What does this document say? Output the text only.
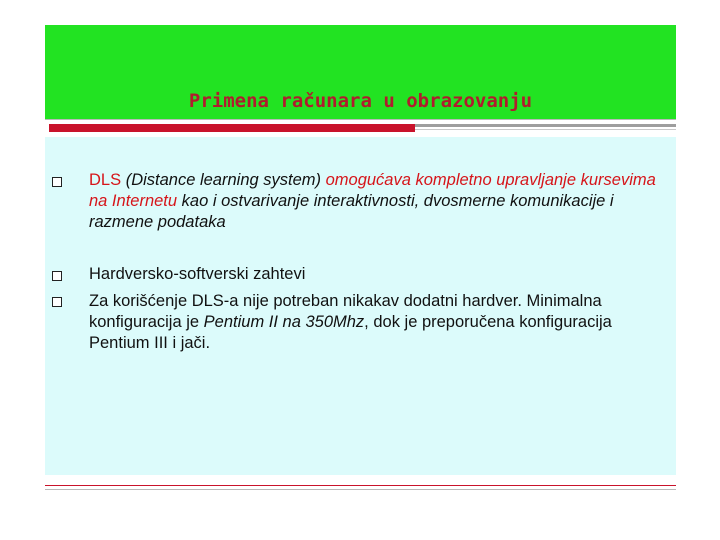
Primena računara u obrazovanju
DLS (Distance learning system) omogućava kompletno upravljanje kursevima na Internetu kao i ostvarivanje interaktivnosti, dvosmerne komunikacije i razmene podataka
Hardversko-softverski zahtevi
Za korišćenje DLS-a nije potreban nikakav dodatni hardver. Minimalna konfiguracija je Pentium II na 350Mhz, dok je preporučena konfiguracija Pentium III i jači.
